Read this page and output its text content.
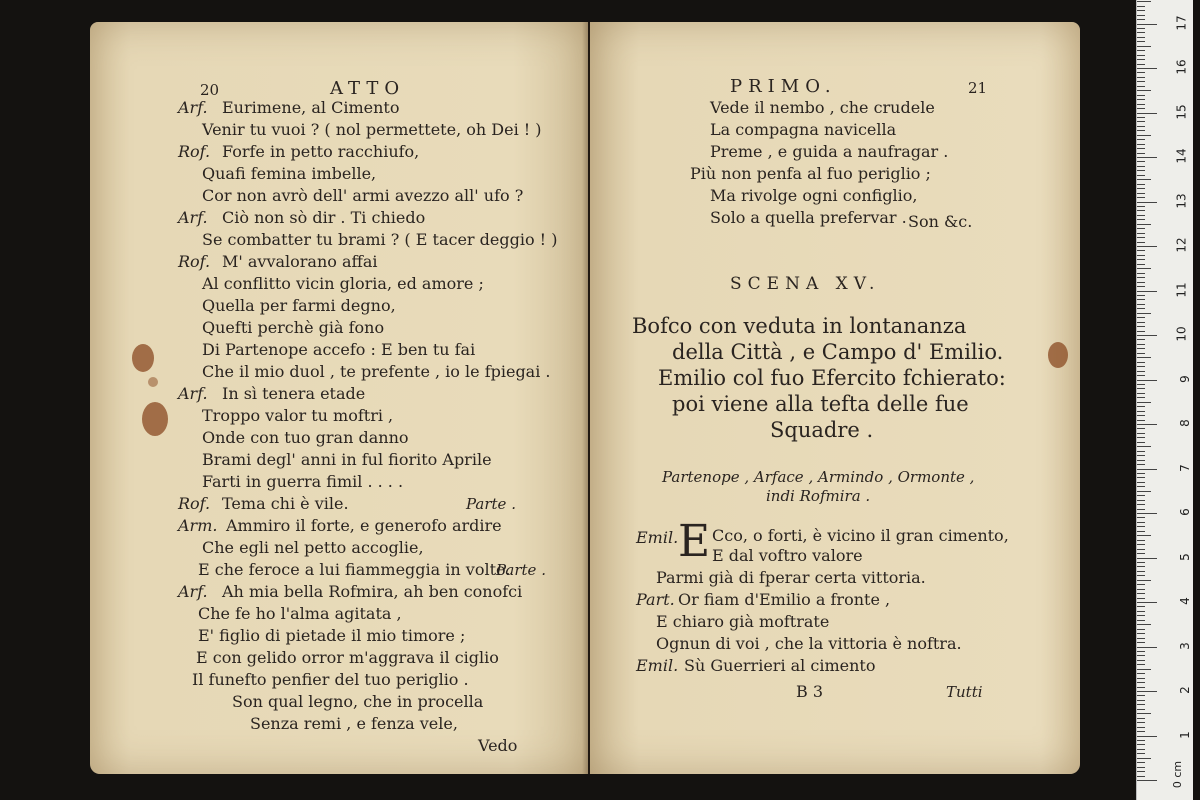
20	ATTO
Arf. Eurimene, al Cimento
Venir tu vuoi ? ( nol permettete, oh Dei ! )
Rof. Forfe in petto racchiufo,
Quafi femina imbelle,
Cor non avrò dell' armi avezzo all' ufo ?
Arf. Ciò non sò dir . Ti chiedo
Se combatter tu brami ? ( E tacer deggio ! )
Rof. M' avvalorano affai
Al conflitto vicin gloria, ed amore ;
Quella per farmi degno,
Quefti perchè già fono
Di Partenope accefo : E ben tu fai
Che il mio duol , te prefente , io le fpiegai .
Arf. In sì tenera etade
Troppo valor tu moftri ,
Onde con tuo gran danno
Brami degl' anni in ful fiorito Aprile
Farti in guerra fimil . . . .
Rof. Tema chi è vile.	Parte .
Arm. Ammiro il forte, e generofo ardire
Che egli nel petto accoglie,
E che feroce a lui fiammeggia in volto.
Parte .
Arf. Ah mia bella Rofmira, ah ben conofci
Che fe ho l'alma agitata ,
E' figlio di pietade il mio timore ;
E con gelido orror m'aggrava il ciglio
Il funefto penfier del tuo periglio .
Son qual legno, che in procella
Senza remi , e fenza vele,
Vedo
PRIMO.	21
Vede il nembo , che crudele
La compagna navicella
Preme , e guida a naufragar .
Più non penfa al fuo periglio ;
Ma rivolge ogni configlio,
Solo a quella prefervar . Son &c.
SCENA XV.
Bofco con veduta in lontananza
della Città , e Campo d' Emilio.
Emilio col fuo Efercito fchierato:
poi viene alla tefta delle fue
Squadre .
Partenope , Arface , Armindo , Ormonte ,
indi Rofmira .
Emil. E Cco, o forti, è vicino il gran cimento,
E dal voftro valore
Parmi già di fperar certa vittoria.
Part. Or fiam d'Emilio a fronte ,
E chiaro già moftrate
Ognun di voi , che la vittoria è noftra.
Emil. Sù Guerrieri al cimento
B 3	Tutti
1
2
3
4
5
6
7
8
9
10
11
12
13
14
15
16
17
0 cm
